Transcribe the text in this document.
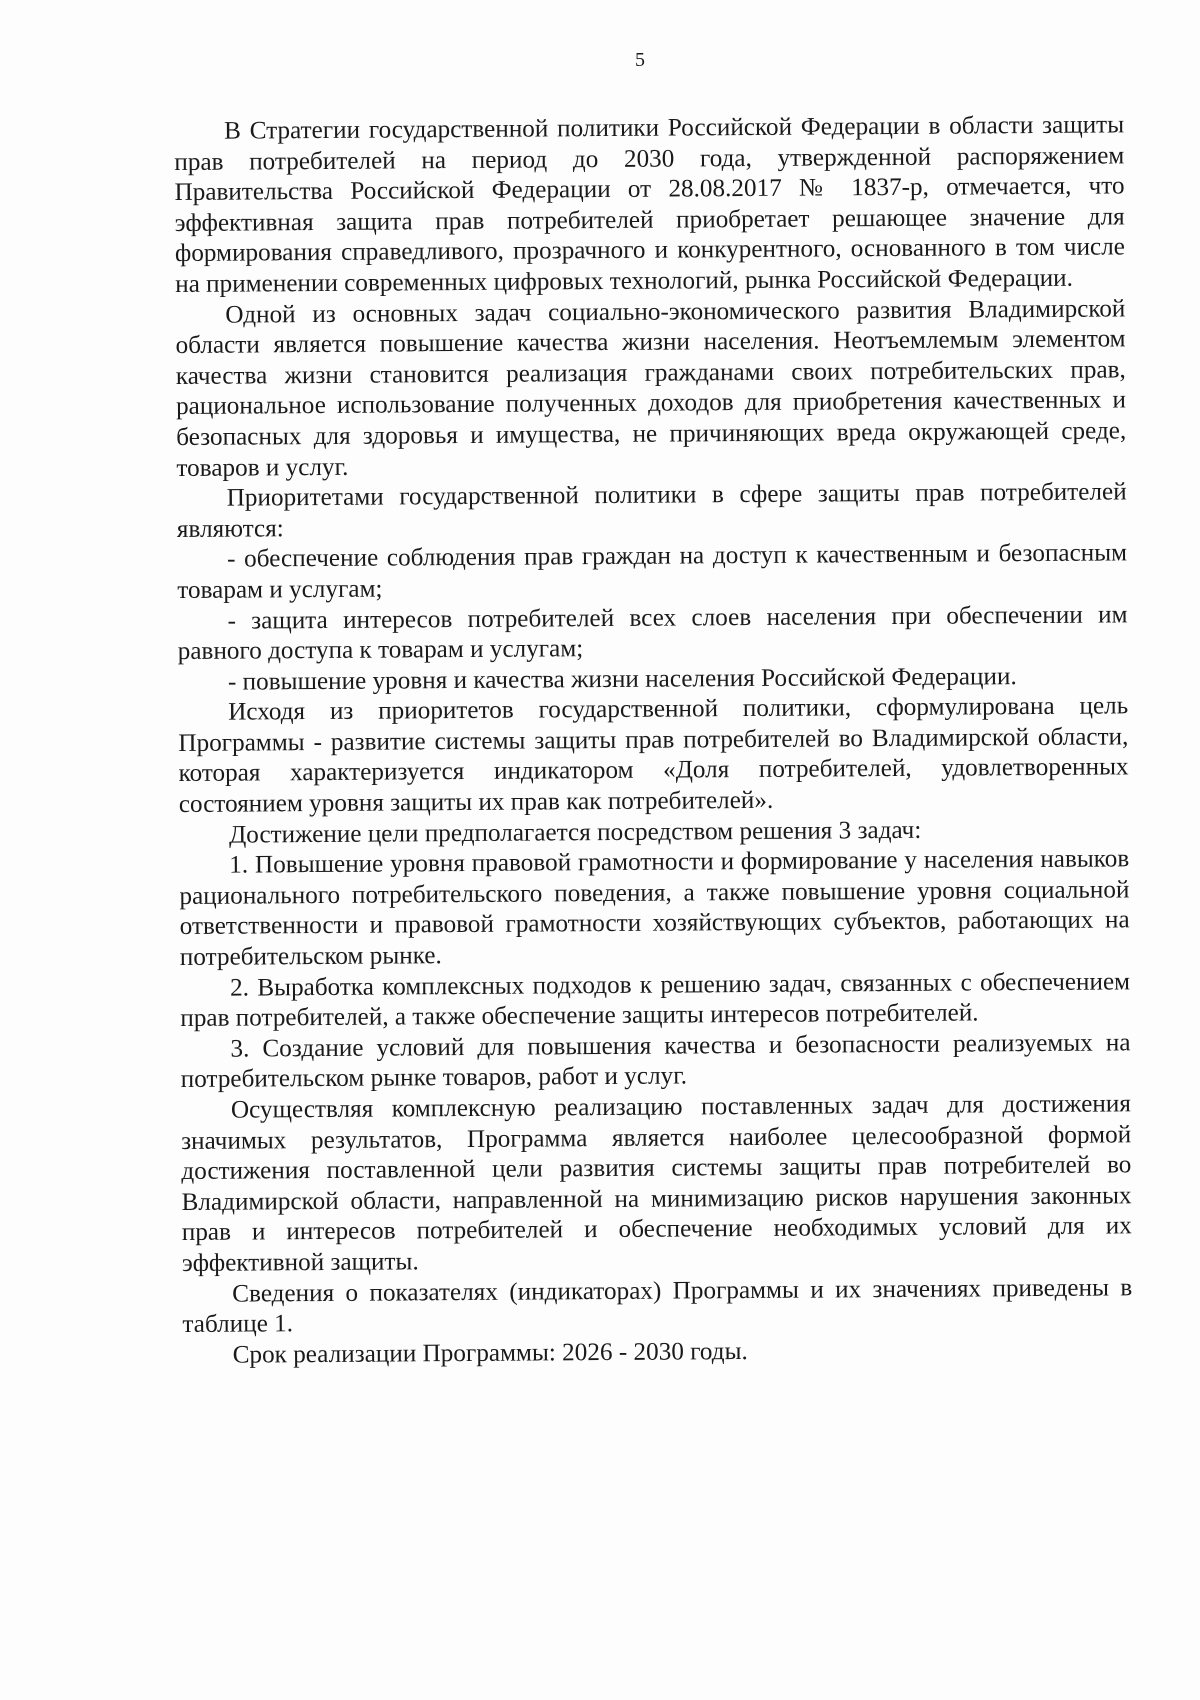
5

В Стратегии государственной политики Российской Федерации в области защиты прав потребителей на период до 2030 года, утвержденной распоряжением Правительства Российской Федерации от 28.08.2017 № 1837-р, отмечается, что эффективная защита прав потребителей приобретает решающее значение для формирования справедливого, прозрачного и конкурентного, основанного в том числе на применении современных цифровых технологий, рынка Российской Федерации.

Одной из основных задач социально-экономического развития Владимирской области является повышение качества жизни населения. Неотъемлемым элементом качества жизни становится реализация гражданами своих потребительских прав, рациональное использование полученных доходов для приобретения качественных и безопасных для здоровья и имущества, не причиняющих вреда окружающей среде, товаров и услуг.

Приоритетами государственной политики в сфере защиты прав потребителей являются:

- обеспечение соблюдения прав граждан на доступ к качественным и безопасным товарам и услугам;

- защита интересов потребителей всех слоев населения при обеспечении им равного доступа к товарам и услугам;

- повышение уровня и качества жизни населения Российской Федерации.

Исходя из приоритетов государственной политики, сформулирована цель Программы - развитие системы защиты прав потребителей во Владимирской области, которая характеризуется индикатором «Доля потребителей, удовлетворенных состоянием уровня защиты их прав как потребителей».

Достижение цели предполагается посредством решения 3 задач:

1. Повышение уровня правовой грамотности и формирование у населения навыков рационального потребительского поведения, а также повышение уровня социальной ответственности и правовой грамотности хозяйствующих субъектов, работающих на потребительском рынке.

2. Выработка комплексных подходов к решению задач, связанных с обеспечением прав потребителей, а также обеспечение защиты интересов потребителей.

3. Создание условий для повышения качества и безопасности реализуемых на потребительском рынке товаров, работ и услуг.

Осуществляя комплексную реализацию поставленных задач для достижения значимых результатов, Программа является наиболее целесообразной формой достижения поставленной цели развития системы защиты прав потребителей во Владимирской области, направленной на минимизацию рисков нарушения законных прав и интересов потребителей и обеспечение необходимых условий для их эффективной защиты.

Сведения о показателях (индикаторах) Программы и их значениях приведены в таблице 1.

Срок реализации Программы: 2026 - 2030 годы.
